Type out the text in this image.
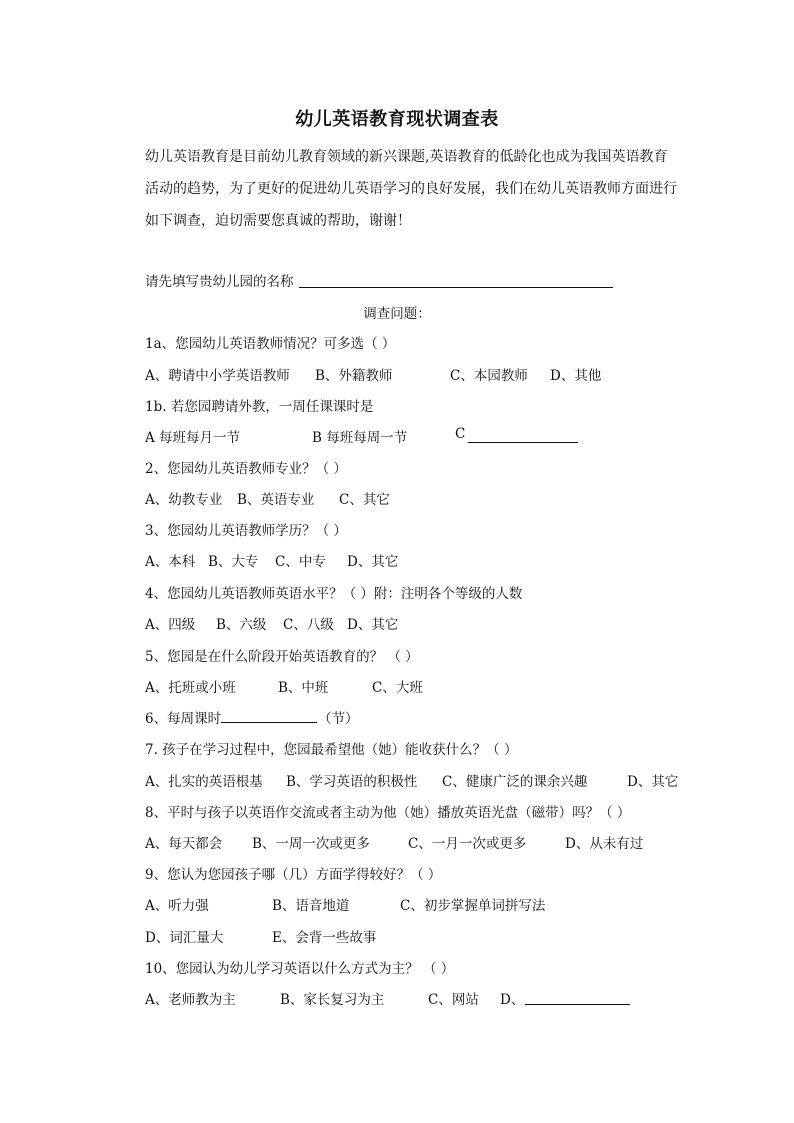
幼儿英语教育现状调查表
幼儿英语教育是目前幼儿教育领域的新兴课题,英语教育的低龄化也成为我国英语教育
活动的趋势，为了更好的促进幼儿英语学习的良好发展，我们在幼儿英语教师方面进行
如下调查，迫切需要您真诚的帮助，谢谢！
请先填写贵幼儿园的名称
调查问题：
1a、您园幼儿英语教师情况？可多选（ ）
A、聘请中小学英语教师 B、外籍教师	C、本园教师 D、其他
1b. 若您园聘请外教，一周任课课时是
A 每班每月一节	B 每班每周一节	C
2、您园幼儿英语教师专业？（ ）
A、幼教专业 B、英语专业 C、其它
3、您园幼儿英语教师学历？（ ）
A、本科 B、大专 C、中专 D、其它
4、您园幼儿英语教师英语水平？（ ）附：注明各个等级的人数
A、四级 B、六级 C、八级 D、其它
5、您园是在什么阶段开始英语教育的？ （ ）
A、托班或小班	B、中班	C、大班
6、每周课时	（节）
7. 孩子在学习过程中，您园最希望他（她）能收获什么？（ ）
A、扎实的英语根基 B、学习英语的积极性 C、健康广泛的课余兴趣	D、其它
8、平时与孩子以英语作交流或者主动为他（她）播放英语光盘（磁带）吗？（ ）
A、每天都会 B、一周一次或更多	C、一月一次或更多	D、从未有过
9、您认为您园孩子哪（几）方面学得较好？（ ）
A、听力强	B、语音地道	C、初步掌握单词拼写法
D、词汇量大	E、会背一些故事
10、您园认为幼儿学习英语以什么方式为主？ （ ）
A、老师教为主	B、家长复习为主	C、网站 D、
